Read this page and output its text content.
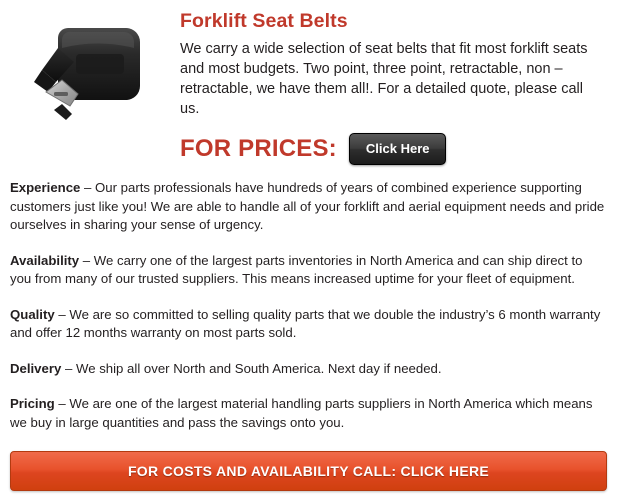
Forklift Seat Belts

We carry a wide selection of seat belts that fit most forklift seats and most budgets. Two point, three point, retractable, non – retractable, we have them all!. For a detailed quote, please call us.

FOR PRICES:	Click Here

Experience – Our parts professionals have hundreds of years of combined experience supporting customers just like you! We are able to handle all of your forklift and aerial equipment needs and pride ourselves in sharing your sense of urgency.

Availability – We carry one of the largest parts inventories in North America and can ship direct to you from many of our trusted suppliers. This means increased uptime for your fleet of equipment.

Quality – We are so committed to selling quality parts that we double the industry’s 6 month warranty and offer 12 months warranty on most parts sold.

Delivery – We ship all over North and South America. Next day if needed.

Pricing – We are one of the largest material handling parts suppliers in North America which means we buy in large quantities and pass the savings onto you.

FOR COSTS AND AVAILABILITY CALL: CLICK HERE
